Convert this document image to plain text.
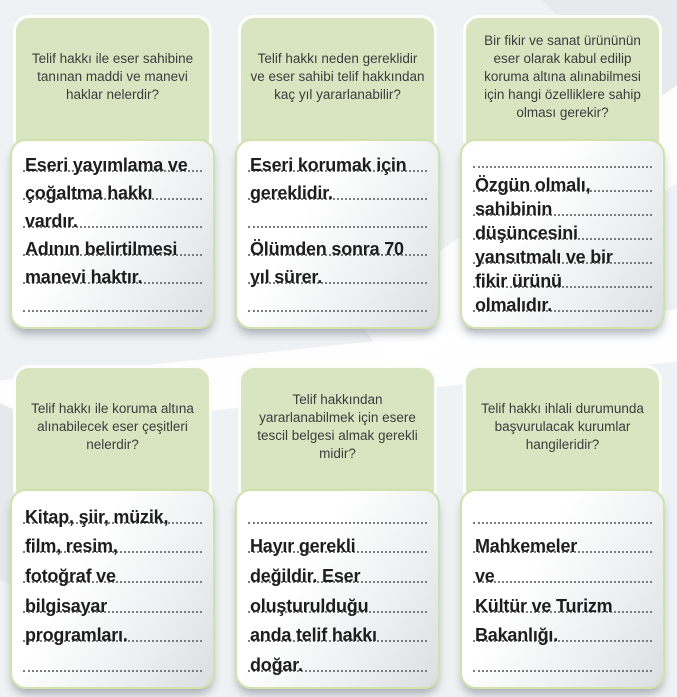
Telif hakkı ile eser sahibine tanınan maddi ve manevi haklar nelerdir?

Eseri yayımlama ve
çoğaltma hakkı
vardır.
Adının belirtilmesi
manevi haktır.

Telif hakkı neden gereklidir ve eser sahibi telif hakkından kaç yıl yararlanabilir?

Eseri korumak için
gereklidir.
Ölümden sonra 70
yıl sürer.

Bir fikir ve sanat ürününün eser olarak kabul edilip koruma altına alınabilmesi için hangi özelliklere sahip olması gerekir?

Özgün olmalı,
sahibinin
düşüncesini
yansıtmalı ve bir
fikir ürünü
olmalıdır.

Telif hakkı ile koruma altına alınabilecek eser çeşitleri nelerdir?

Kitap, şiir, müzik,
film, resim,
fotoğraf ve
bilgisayar
programları.

Telif hakkından yararlanabilmek için esere tescil belgesi almak gerekli midir?

Hayır gerekli
değildir. Eser
oluşturulduğu
anda telif hakkı
doğar.

Telif hakkı ihlali durumunda başvurulacak kurumlar hangileridir?

Mahkemeler
ve
Kültür ve Turizm
Bakanlığı.
